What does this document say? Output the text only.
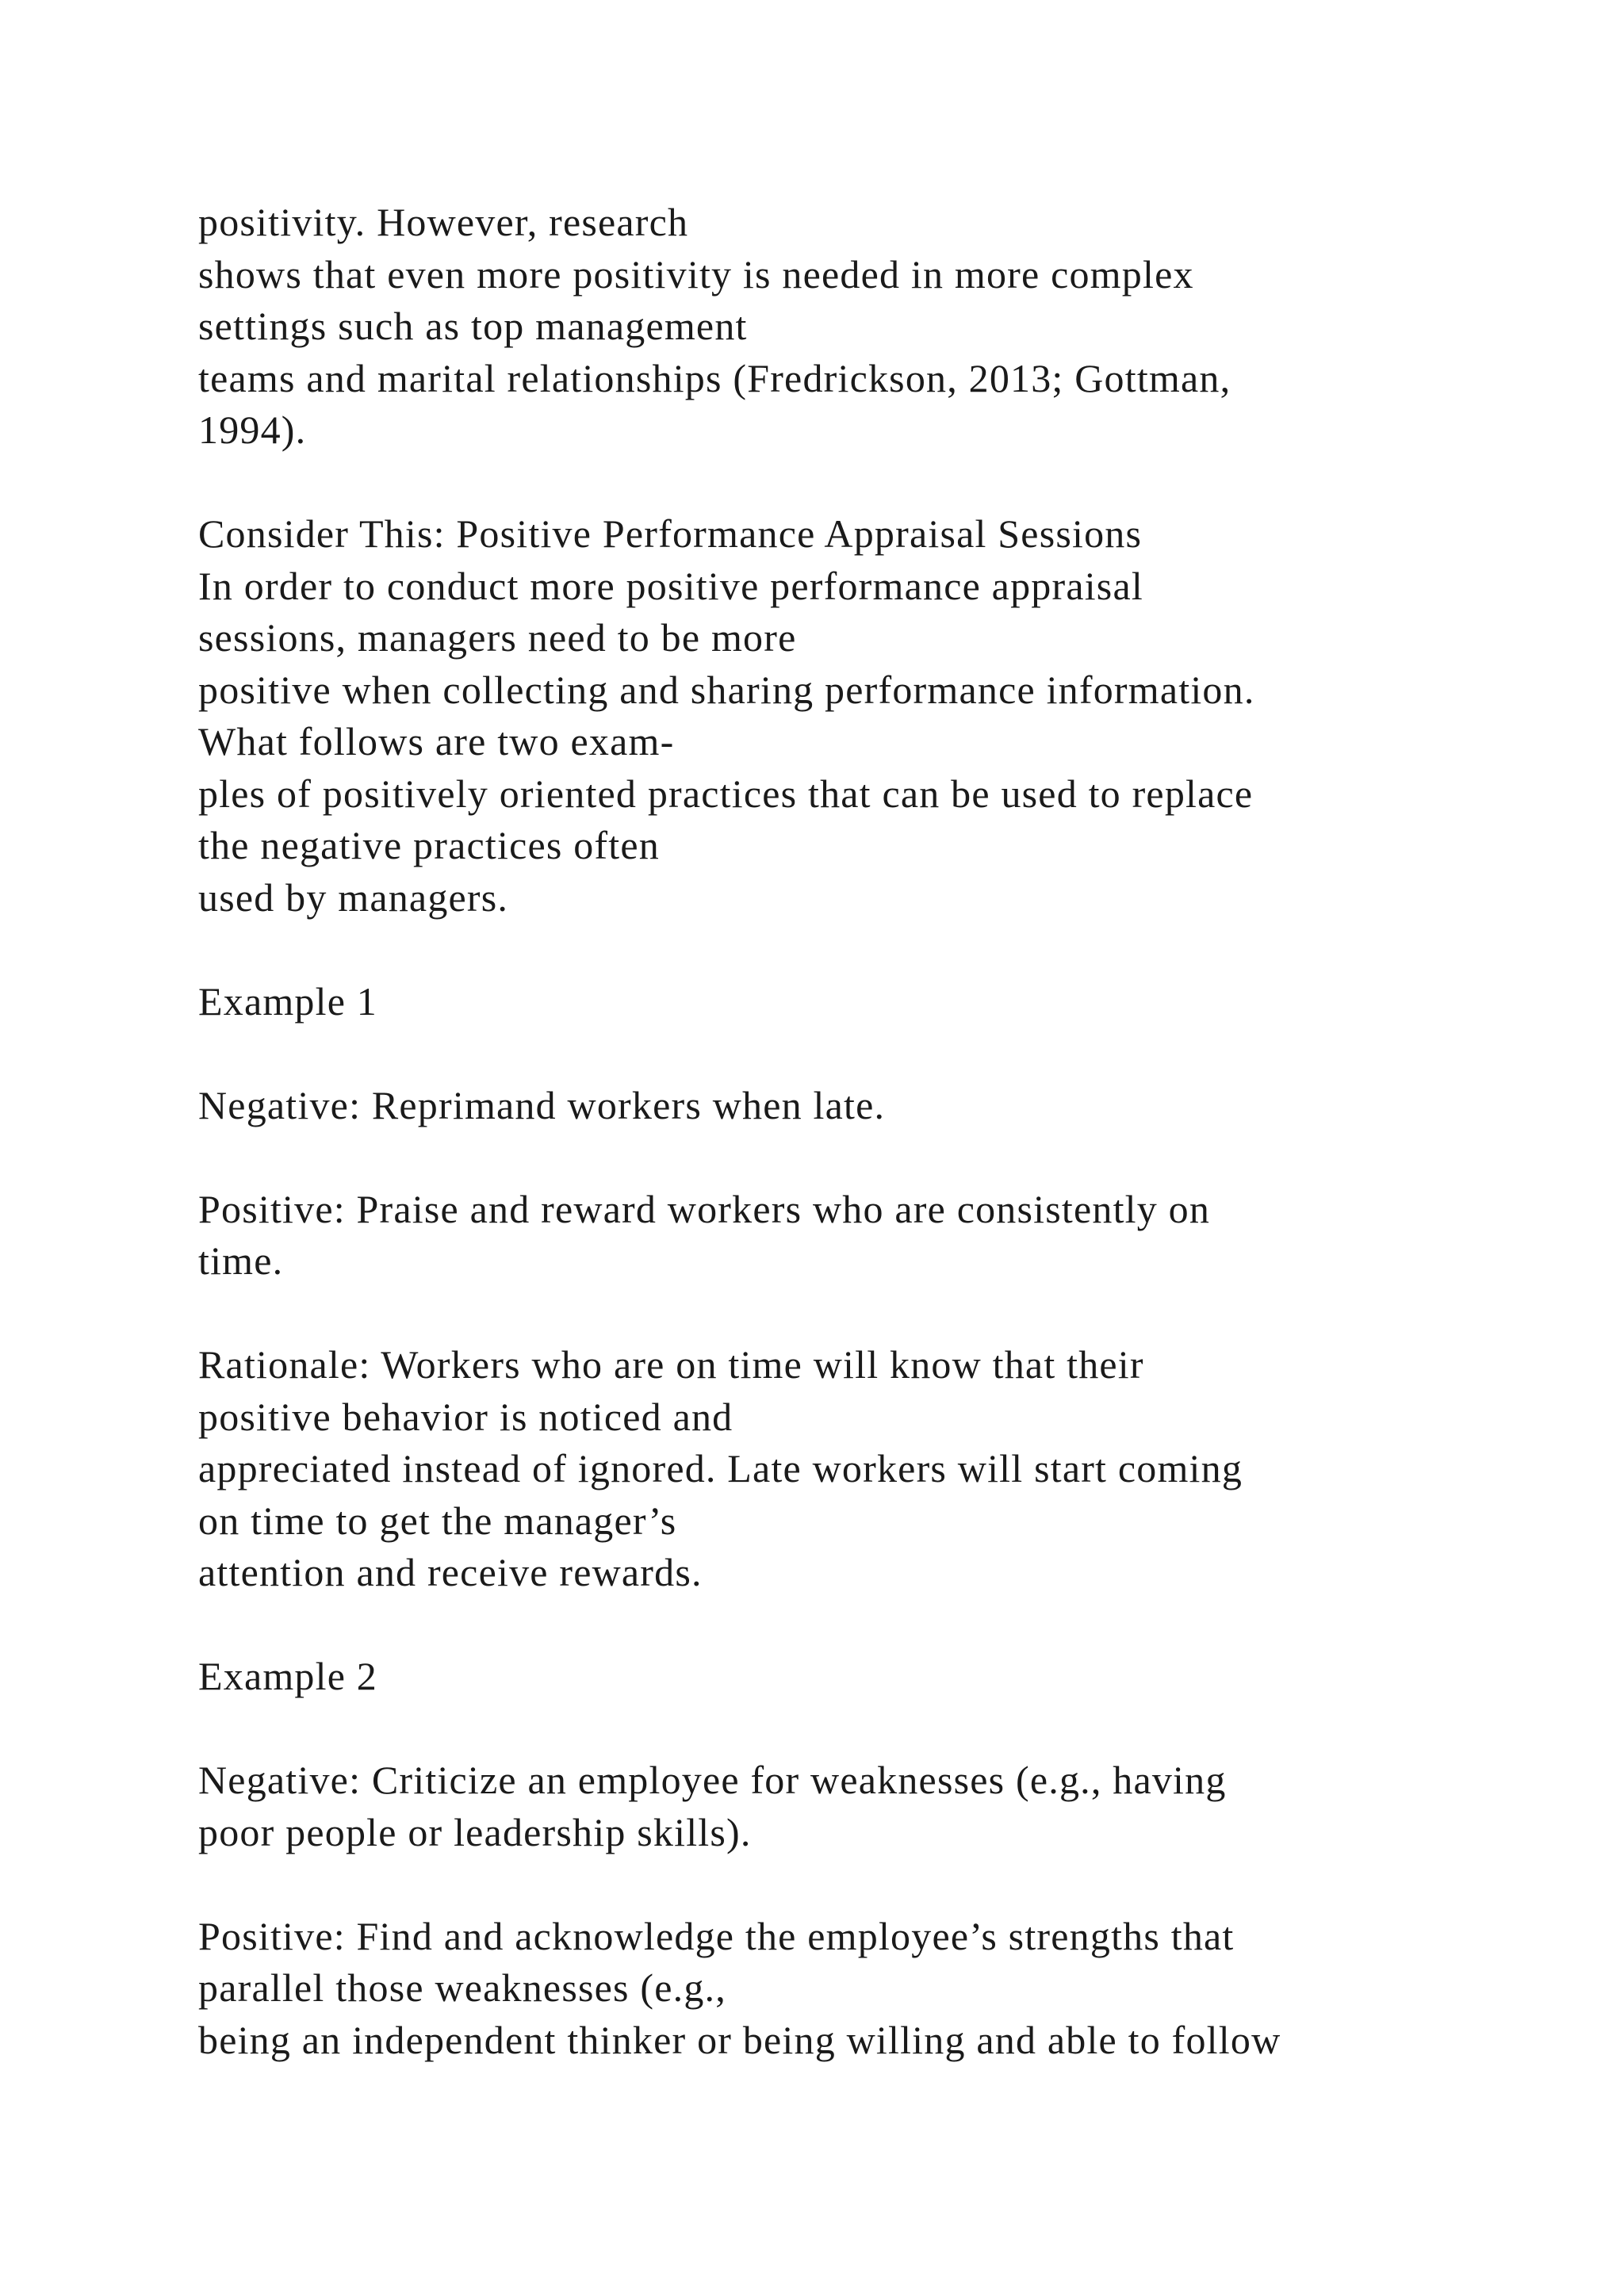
positivity. However, research
shows that even more positivity is needed in more complex
settings such as top management
teams and marital relationships (Fredrickson, 2013; Gottman,
1994).
Consider This: Positive Performance Appraisal Sessions
In order to conduct more positive performance appraisal
sessions, managers need to be more
positive when collecting and sharing performance information.
What follows are two exam-
ples of positively oriented practices that can be used to replace
the negative practices often
used by managers.
Example 1
Negative: Reprimand workers when late.
Positive: Praise and reward workers who are consistently on
time.
Rationale: Workers who are on time will know that their
positive behavior is noticed and
appreciated instead of ignored. Late workers will start coming
on time to get the manager’s
attention and receive rewards.
Example 2
Negative: Criticize an employee for weaknesses (e.g., having
poor people or leadership skills).
Positive: Find and acknowledge the employee’s strengths that
parallel those weaknesses (e.g.,
being an independent thinker or being willing and able to follow
